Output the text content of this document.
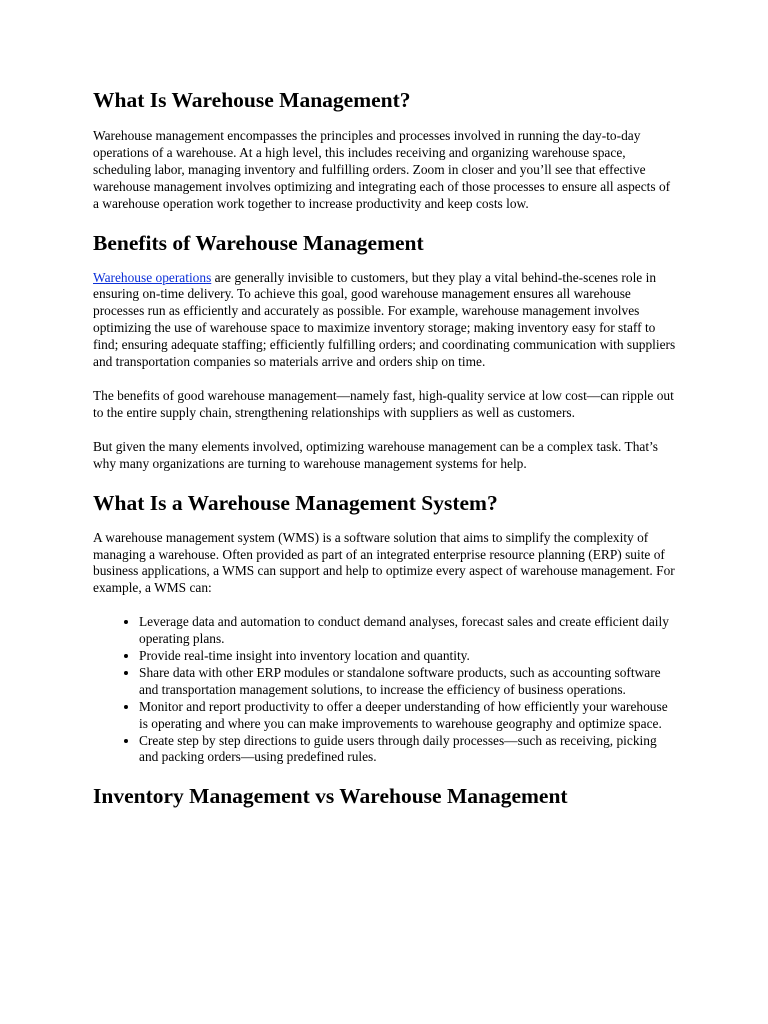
What Is Warehouse Management?

Warehouse management encompasses the principles and processes involved in running the day-to-day operations of a warehouse. At a high level, this includes receiving and organizing warehouse space, scheduling labor, managing inventory and fulfilling orders. Zoom in closer and you’ll see that effective warehouse management involves optimizing and integrating each of those processes to ensure all aspects of a warehouse operation work together to increase productivity and keep costs low.

Benefits of Warehouse Management

Warehouse operations are generally invisible to customers, but they play a vital behind-the-scenes role in ensuring on-time delivery. To achieve this goal, good warehouse management ensures all warehouse processes run as efficiently and accurately as possible. For example, warehouse management involves optimizing the use of warehouse space to maximize inventory storage; making inventory easy for staff to find; ensuring adequate staffing; efficiently fulfilling orders; and coordinating communication with suppliers and transportation companies so materials arrive and orders ship on time.

The benefits of good warehouse management—namely fast, high-quality service at low cost—can ripple out to the entire supply chain, strengthening relationships with suppliers as well as customers.

But given the many elements involved, optimizing warehouse management can be a complex task. That’s why many organizations are turning to warehouse management systems for help.

What Is a Warehouse Management System?

A warehouse management system (WMS) is a software solution that aims to simplify the complexity of managing a warehouse. Often provided as part of an integrated enterprise resource planning (ERP) suite of business applications, a WMS can support and help to optimize every aspect of warehouse management. For example, a WMS can:

• Leverage data and automation to conduct demand analyses, forecast sales and create efficient daily operating plans.
• Provide real-time insight into inventory location and quantity.
• Share data with other ERP modules or standalone software products, such as accounting software and transportation management solutions, to increase the efficiency of business operations.
• Monitor and report productivity to offer a deeper understanding of how efficiently your warehouse is operating and where you can make improvements to warehouse geography and optimize space.
• Create step by step directions to guide users through daily processes—such as receiving, picking and packing orders—using predefined rules.
Inventory Management vs Warehouse Management
